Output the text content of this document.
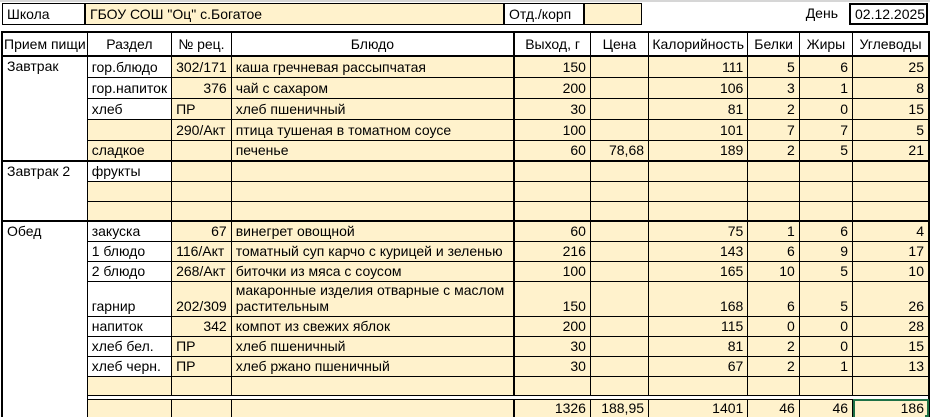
Школа	ГБОУ СОШ "Оц" с.Богатое	Отд./корп	День	02.12.2025
Прием пищи	Раздел	№ рец.	Блюдо	Выход, г	Цена	Калорийность	Белки	Жиры	Углеводы
Завтрак	гор.блюдо	302/171	каша гречневая рассыпчатая	150		111	5	6	25
	гор.напиток	376	чай с сахаром	200		106	3	1	8
	хлеб	ПР	хлеб пшеничный	30		81	2	0	15
		290/Акт	птица тушеная в томатном соусе	100		101	7	7	5
	сладкое		печенье	60	78,68	189	2	5	21
Завтрак 2	фрукты								

Обед	закуска	67	винегрет овощной	60		75	1	6	4
	1 блюдо	116/Акт	томатный суп карчо с курицей и зеленью	216		143	6	9	17
	2 блюдо	268/Акт	биточки из мяса с соусом	100		165	10	5	10
	гарнир	202/309	макаронные изделия отварные с маслом растительным	150		168	6	5	26
	напиток	342	компот из свежих яблок	200		115	0	0	28
	хлеб бел.	ПР	хлеб пшеничный	30		81	2	0	15
	хлеб черн.	ПР	хлеб ржано пшеничный	30		67	2	1	13

				1326	188,95	1401	46	46	186
